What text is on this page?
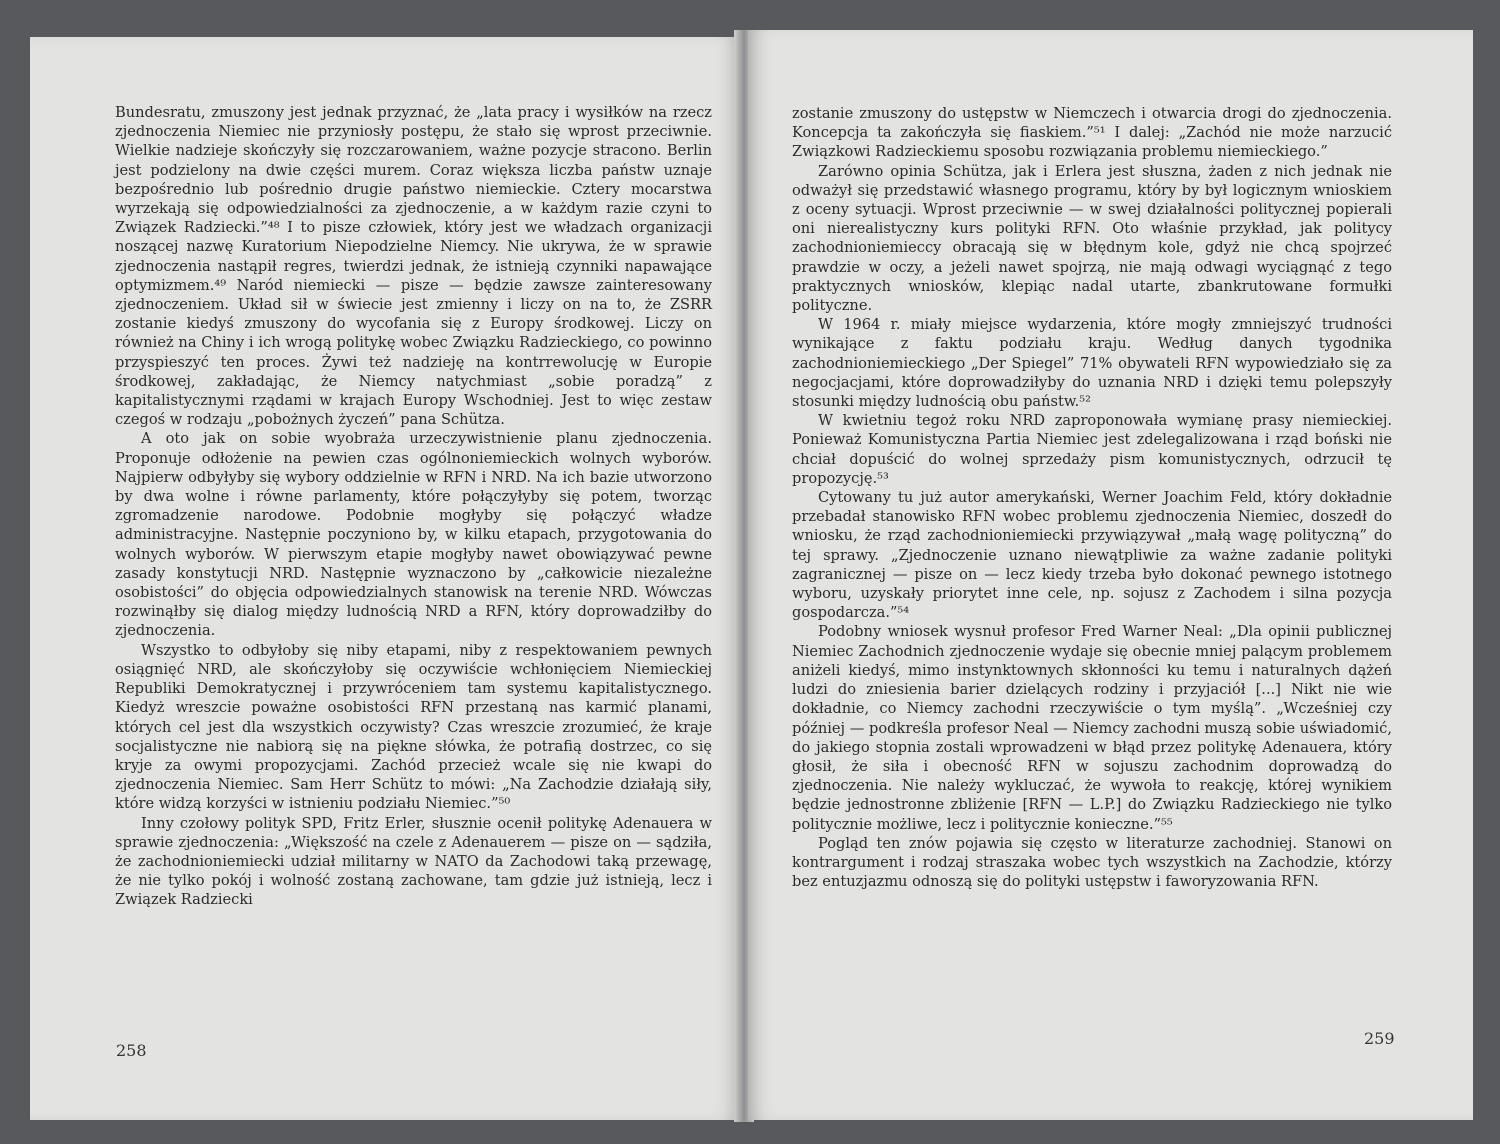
Bundesratu, zmuszony jest jednak przyznać, że „lata pracy i wysiłków na rzecz zjednoczenia Niemiec nie przyniosły postępu, że stało się wprost przeciwnie. Wielkie nadzieje skończyły się rozczarowaniem, ważne pozycje stracono. Berlin jest podzielony na dwie części murem. Coraz większa liczba państw uznaje bezpośrednio lub pośrednio drugie państwo niemieckie. Cztery mocarstwa wyrzekają się odpowiedzialności za zjednoczenie, a w każdym razie czyni to Związek Radziecki.”⁴⁸ I to pisze człowiek, który jest we władzach organizacji noszącej nazwę Kuratorium Niepodzielne Niemcy. Nie ukrywa, że w sprawie zjednoczenia nastąpił regres, twierdzi jednak, że istnieją czynniki napawające optymizmem.⁴⁹ Naród niemiecki — pisze — będzie zawsze zainteresowany zjednoczeniem. Układ sił w świecie jest zmienny i liczy on na to, że ZSRR zostanie kiedyś zmuszony do wycofania się z Europy środkowej. Liczy on również na Chiny i ich wrogą politykę wobec Związku Radzieckiego, co powinno przyspieszyć ten proces. Żywi też nadzieję na kontrrewolucję w Europie środkowej, zakładając, że Niemcy natychmiast „sobie poradzą” z kapitalistycznymi rządami w krajach Europy Wschodniej. Jest to więc zestaw czegoś w rodzaju „pobożnych życzeń” pana Schütza.

A oto jak on sobie wyobraża urzeczywistnienie planu zjednoczenia. Proponuje odłożenie na pewien czas ogólnoniemieckich wolnych wyborów. Najpierw odbyłyby się wybory oddzielnie w RFN i NRD. Na ich bazie utworzono by dwa wolne i równe parlamenty, które połączyłyby się potem, tworząc zgromadzenie narodowe. Podobnie mogłyby się połączyć władze administracyjne. Następnie poczyniono by, w kilku etapach, przygotowania do wolnych wyborów. W pierwszym etapie mogłyby nawet obowiązywać pewne zasady konstytucji NRD. Następnie wyznaczono by „całkowicie niezależne osobistości” do objęcia odpowiedzialnych stanowisk na terenie NRD. Wówczas rozwinąłby się dialog między ludnością NRD a RFN, który doprowadziłby do zjednoczenia.

Wszystko to odbyłoby się niby etapami, niby z respektowaniem pewnych osiągnięć NRD, ale skończyłoby się oczywiście wchłonięciem Niemieckiej Republiki Demokratycznej i przywróceniem tam systemu kapitalistycznego. Kiedyż wreszcie poważne osobistości RFN przestaną nas karmić planami, których cel jest dla wszystkich oczywisty? Czas wreszcie zrozumieć, że kraje socjalistyczne nie nabiorą się na piękne słówka, że potrafią dostrzec, co się kryje za owymi propozycjami. Zachód przecież wcale się nie kwapi do zjednoczenia Niemiec. Sam Herr Schütz to mówi: „Na Zachodzie działają siły, które widzą korzyści w istnieniu podziału Niemiec.”⁵⁰

Inny czołowy polityk SPD, Fritz Erler, słusznie ocenił politykę Adenauera w sprawie zjednoczenia: „Większość na czele z Adenauerem — pisze on — sądziła, że zachodnioniemiecki udział militarny w NATO da Zachodowi taką przewagę, że nie tylko pokój i wolność zostaną zachowane, tam gdzie już istnieją, lecz i Związek Radziecki

258

zostanie zmuszony do ustępstw w Niemczech i otwarcia drogi do zjednoczenia. Koncepcja ta zakończyła się fiaskiem.”⁵¹ I dalej: „Zachód nie może narzucić Związkowi Radzieckiemu sposobu rozwiązania problemu niemieckiego.”

Zarówno opinia Schütza, jak i Erlera jest słuszna, żaden z nich jednak nie odważył się przedstawić własnego programu, który by był logicznym wnioskiem z oceny sytuacji. Wprost przeciwnie — w swej działalności politycznej popierali oni nierealistyczny kurs polityki RFN. Oto właśnie przykład, jak politycy zachodnioniemieccy obracają się w błędnym kole, gdyż nie chcą spojrzeć prawdzie w oczy, a jeżeli nawet spojrzą, nie mają odwagi wyciągnąć z tego praktycznych wniosków, klepiąc nadal utarte, zbankrutowane formułki polityczne.

W 1964 r. miały miejsce wydarzenia, które mogły zmniejszyć trudności wynikające z faktu podziału kraju. Według danych tygodnika zachodnioniemieckiego „Der Spiegel” 71% obywateli RFN wypowiedziało się za negocjacjami, które doprowadziłyby do uznania NRD i dzięki temu polepszyły stosunki między ludnością obu państw.⁵²

W kwietniu tegoż roku NRD zaproponowała wymianę prasy niemieckiej. Ponieważ Komunistyczna Partia Niemiec jest zdelegalizowana i rząd boński nie chciał dopuścić do wolnej sprzedaży pism komunistycznych, odrzucił tę propozycję.⁵³

Cytowany tu już autor amerykański, Werner Joachim Feld, który dokładnie przebadał stanowisko RFN wobec problemu zjednoczenia Niemiec, doszedł do wniosku, że rząd zachodnioniemiecki przywiązywał „małą wagę polityczną” do tej sprawy. „Zjednoczenie uznano niewątpliwie za ważne zadanie polityki zagranicznej — pisze on — lecz kiedy trzeba było dokonać pewnego istotnego wyboru, uzyskały priorytet inne cele, np. sojusz z Zachodem i silna pozycja gospodarcza.”⁵⁴

Podobny wniosek wysnuł profesor Fred Warner Neal: „Dla opinii publicznej Niemiec Zachodnich zjednoczenie wydaje się obecnie mniej palącym problemem aniżeli kiedyś, mimo instynktownych skłonności ku temu i naturalnych dążeń ludzi do zniesienia barier dzielących rodziny i przyjaciół [...] Nikt nie wie dokładnie, co Niemcy zachodni rzeczywiście o tym myślą”. „Wcześniej czy później — podkreśla profesor Neal — Niemcy zachodni muszą sobie uświadomić, do jakiego stopnia zostali wprowadzeni w błąd przez politykę Adenauera, który głosił, że siła i obecność RFN w sojuszu zachodnim doprowadzą do zjednoczenia. Nie należy wykluczać, że wywoła to reakcję, której wynikiem będzie jednostronne zbliżenie [RFN — L.P.] do Związku Radzieckiego nie tylko politycznie możliwe, lecz i politycznie konieczne.”⁵⁵

Pogląd ten znów pojawia się często w literaturze zachodniej. Stanowi on kontrargument i rodzaj straszaka wobec tych wszystkich na Zachodzie, którzy bez entuzjazmu odnoszą się do polityki ustępstw i faworyzowania RFN.

259
